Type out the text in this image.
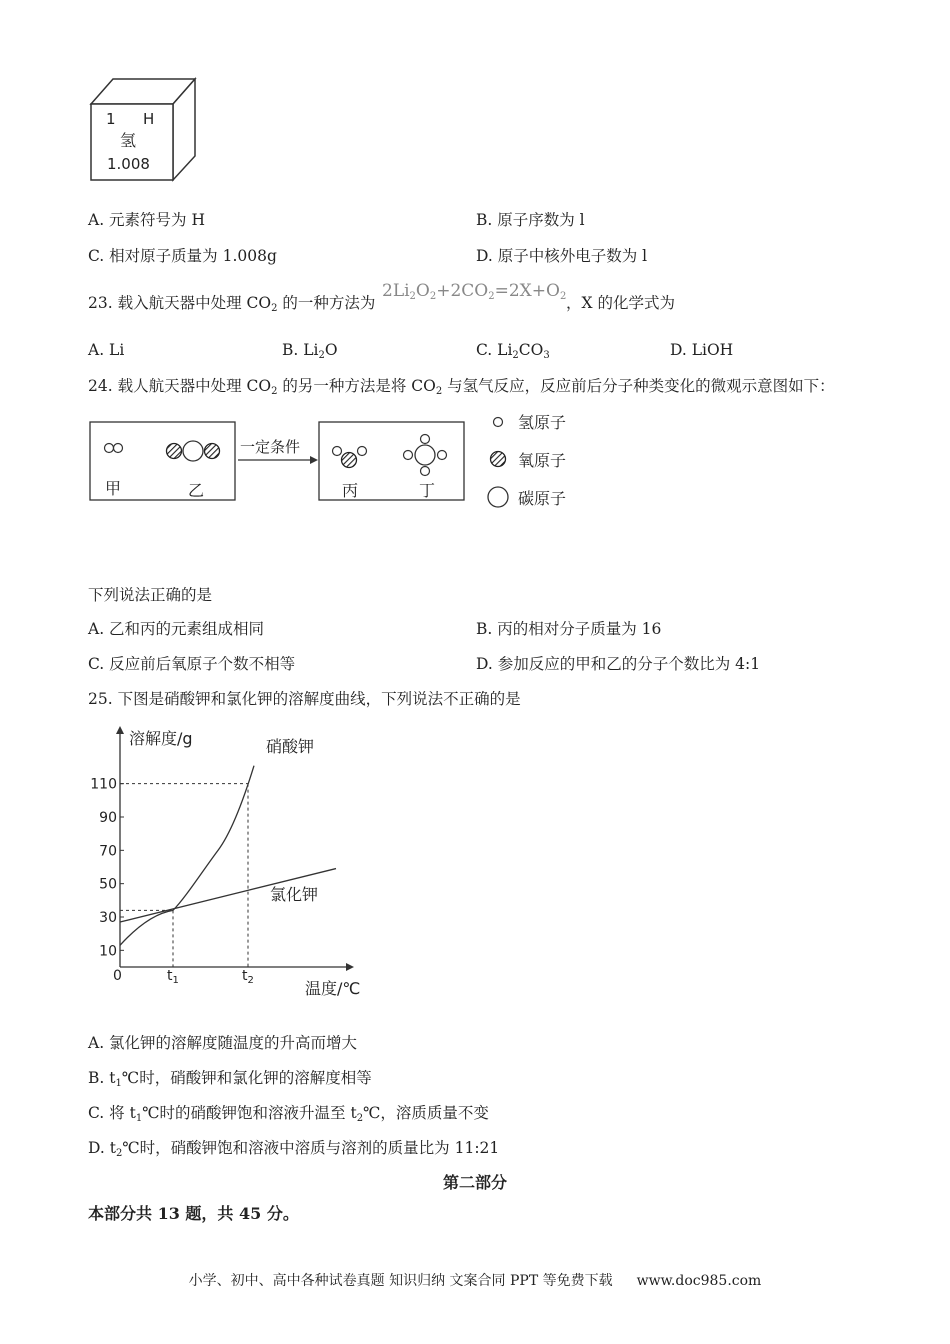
1 H
氢
1.008
A. 元素符号为 H	B. 原子序数为 l
C. 相对原子质量为 1.008g	D. 原子中核外电子数为 l
23. 载入航天器中处理 $CO_2$ 的一种方法为
$2Li_2O_2+2CO_2=2X+O_2$ ，X 的化学式为
A. Li	B. $Li_2O$	C. $Li_2CO_3$	D. LiOH
24. 载人航天器中处理 $CO_2$ 的另一种方法是将 $CO_2$ 与氢气反应，反应前后分子种类变化的微观示意图如下：
甲	乙
一定条件
丙	丁
氢原子
氧原子
碳原子
下列说法正确的是
A. 乙和丙的元素组成相同	B. 丙的相对分子质量为 16
C. 反应前后氧原子个数不相等	D. 参加反应的甲和乙的分子个数比为 4:1
25. 下图是硝酸钾和氯化钾的溶解度曲线，下列说法不正确的是
溶解度/g
温度/℃
0
10
30
50
70
90
110
硝酸钾
氯化钾
$t_1$	$t_2$
A. 氯化钾的溶解度随温度的升高而增大
B. $t_1℃$时，硝酸钾和氯化钾的溶解度相等
C. 将 $t_1℃$时的硝酸钾饱和溶液升温至 $t_2℃$，溶质质量不变
D. $t_2℃$时，硝酸钾饱和溶液中溶质与溶剂的质量比为 11:21
第二部分
本部分共 13 题，共 45 分。
小学、初中、高中各种试卷真题 知识归纳 文案合同 PPT 等免费下载 www.doc985.com
